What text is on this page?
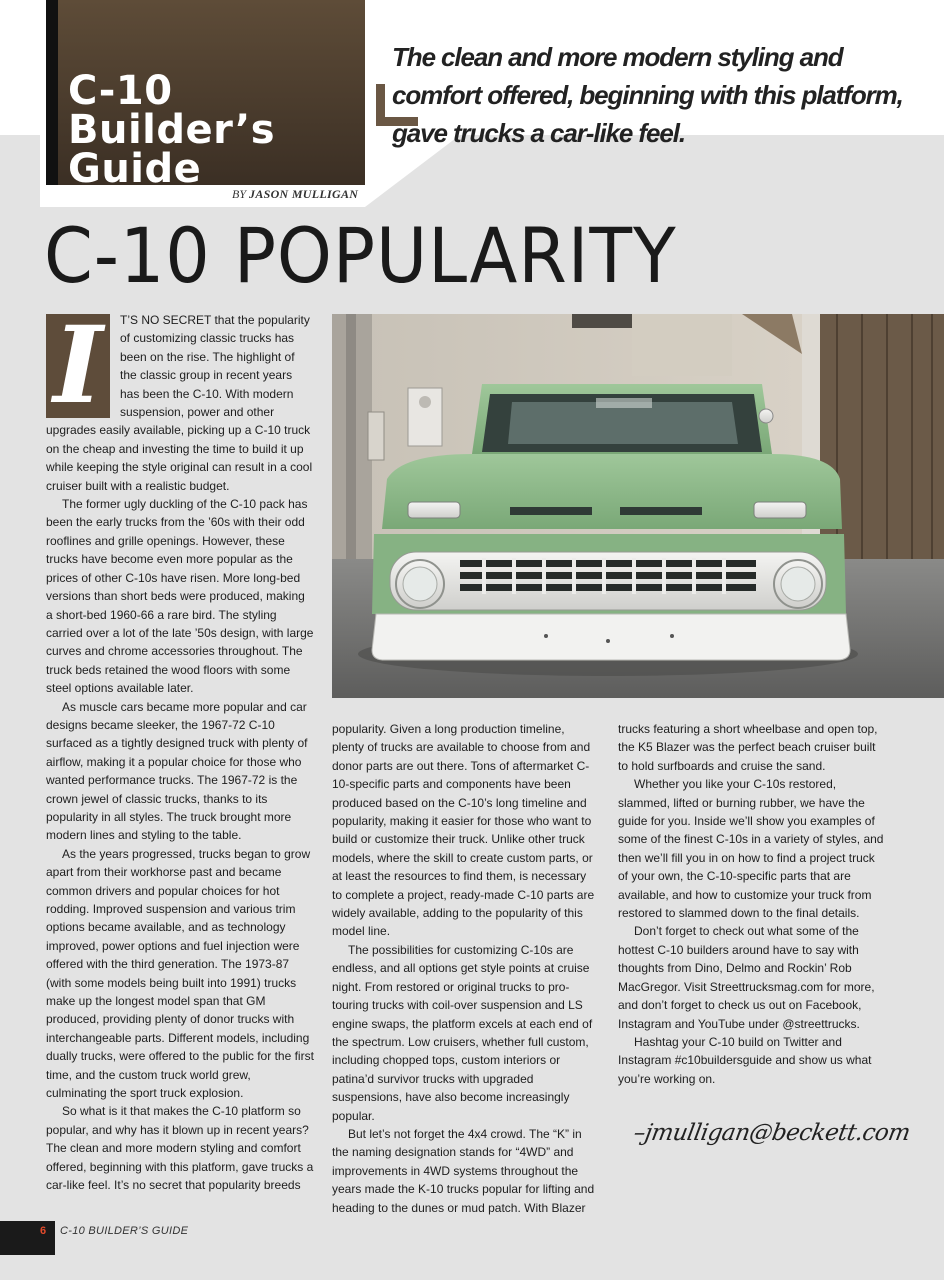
C-10
Builder’s
Guide
BY JASON MULLIGAN

The clean and more modern styling and comfort offered, beginning with this platform, gave trucks a car-like feel.

C-10 POPULARITY
I	T’S NO SECRET that the popularity of customizing classic trucks has been on the rise. The highlight of the classic group in recent years has been the C-10. With modern suspension, power and other upgrades easily available, picking up a C-10 truck on the cheap and investing the time to build it up while keeping the style original can result in a cool cruiser built with a realistic budget.

The former ugly duckling of the C-10 pack has been the early trucks from the ’60s with their odd rooflines and grille openings. However, these trucks have become even more popular as the prices of other C-10s have risen. More long-bed versions than short beds were produced, making a short-bed 1960-66 a rare bird. The styling carried over a lot of the late ’50s design, with large curves and chrome accessories throughout. The truck beds retained the wood floors with some steel options available later.

As muscle cars became more popular and car designs became sleeker, the 1967-72 C-10 surfaced as a tightly designed truck with plenty of airflow, making it a popular choice for those who wanted performance trucks. The 1967-72 is the crown jewel of classic trucks, thanks to its popularity in all styles. The truck brought more modern lines and styling to the table.

As the years progressed, trucks began to grow apart from their workhorse past and became common drivers and popular choices for hot rodding. Improved suspension and various trim options became available, and as technology improved, power options and fuel injection were offered with the third generation. The 1973-87 (with some models being built into 1991) trucks make up the longest model span that GM produced, providing plenty of donor trucks with interchangeable parts. Different models, including dually trucks, were offered to the public for the first time, and the custom truck world grew, culminating the sport truck explosion.

So what is it that makes the C-10 platform so popular, and why has it blown up in recent years? The clean and more modern styling and comfort offered, beginning with this platform, gave trucks a car-like feel. It’s no secret that popularity breeds

popularity. Given a long production timeline, plenty of trucks are available to choose from and donor parts are out there. Tons of aftermarket C-10-specific parts and components have been produced based on the C-10’s long timeline and popularity, making it easier for those who want to build or customize their truck. Unlike other truck models, where the skill to create custom parts, or at least the resources to find them, is necessary to complete a project, ready-made C-10 parts are widely available, adding to the popularity of this model line.

The possibilities for customizing C-10s are endless, and all options get style points at cruise night. From restored or original trucks to pro-touring trucks with coil-over suspension and LS engine swaps, the platform excels at each end of the spectrum. Low cruisers, whether full custom, including chopped tops, custom interiors or patina’d survivor trucks with upgraded suspensions, have also become increasingly popular.

But let’s not forget the 4x4 crowd. The “K” in the naming designation stands for “4WD” and improvements in 4WD systems throughout the years made the K-10 trucks popular for lifting and heading to the dunes or mud patch. With Blazer

trucks featuring a short wheelbase and open top, the K5 Blazer was the perfect beach cruiser built to hold surfboards and cruise the sand.

Whether you like your C-10s restored, slammed, lifted or burning rubber, we have the guide for you. Inside we’ll show you examples of some of the finest C-10s in a variety of styles, and then we’ll fill you in on how to find a project truck of your own, the C-10-specific parts that are available, and how to customize your truck from restored to slammed down to the final details.

Don’t forget to check out what some of the hottest C-10 builders around have to say with thoughts from Dino, Delmo and Rockin’ Rob MacGregor. Visit Streettrucksmag.com for more, and don’t forget to check us out on Facebook, Instagram and YouTube under @streettrucks.

Hashtag your C-10 build on Twitter and Instagram #c10buildersguide and show us what you’re working on.

–jmulligan@beckett.com
6 C-10 BUILDER’S GUIDE
